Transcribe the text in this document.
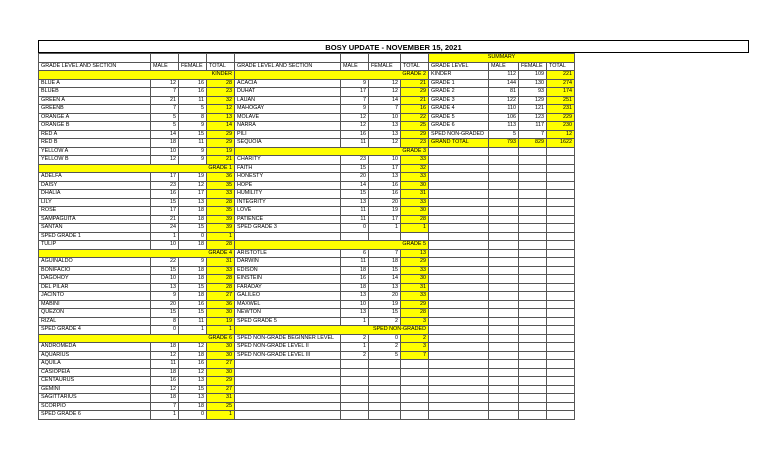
BOSY UPDATE - NOVEMBER 15, 2021
								SUMMARY			
GRADE LEVEL AND SECTION	MALE	FEMALE	TOTAL	GRADE LEVEL AND SECTION	MALE	FEMALE	TOTAL	GRADE LEVEL	MALE	FEMALE	TOTAL
KINDER				GRADE 2				KINDER	112	109	221
BLUE A	12	16	28	ACACIA	9	12	21	GRADE 1	144	130	274
BLUEB	7	16	23	DUHAT	17	12	29	GRADE 2	81	93	174
GREEN A	21	11	32	LAUAN	7	14	21	GRADE 3	122	129	251
GREENB	7	5	12	MAHOGAY	9	7	16	GRADE 4	110	121	231
ORANGE A	5	8	13	MOLAVE	12	10	22	GRADE 5	106	123	229
ORANGE B	5	9	14	NARRA	12	13	25	GRADE 6	113	117	230
RED A	14	15	29	PILI	16	13	29	SPED NON-GRADED	5	7	12
RED B	18	11	29	SEQUOIA	11	12	23	GRAND TOTAL	793	829	1622
YELLOW A	10	9	19	GRADE 3							
YELLOW B	12	9	21	CHARITY	23	10	33				
GRADE 1				FAITH	15	17	32				
ADELFA	17	19	36	HONESTY	20	13	33				
DAISY	23	12	35	HOPE	14	16	30				
DHALIA	16	17	33	HUMILITY	15	16	31				
LILY	15	13	28	INTEGRITY	13	20	33				
ROSE	17	18	35	LOVE	11	19	30				
SAMPAGUITA	21	18	39	PATIENCE	11	17	28				
SANTAN	24	15	39	SPED GRADE 3	0	1	1				
SPED GRADE 1	1	0	1								
TULIP	10	18	28	GRADE 5							
GRADE 4				ARISTOTLE	6	7	13				
AGUINALDO	22	9	31	DARWIN	11	18	29				
BONIFACIO	15	18	33	EDISON	18	15	33				
DAGOHOY	10	18	28	EINSTEIN	16	14	30				
DEL PILAR	13	15	28	FARADAY	18	13	31				
JACINTO	9	18	27	GALILEO	13	20	33				
MABINI	20	16	36	MAXWEL	10	19	29				
QUEZON	15	15	30	NEWTON	13	15	28				
RIZAL	8	11	19	SPED GRADE 5	1	2	3				
SPED GRADE 4	0	1	1	SPED NON-GRADED							
GRADE 6				SPED NON-GRADE BEGINNER LEVEL	2	0	2				
ANDROMEDA	18	12	30	SPED NON-GRADE LEVEL II	1	2	3				
AQUARIUS	12	18	30	SPED NON-GRADE LEVEL III	2	5	7				
AQUILA	11	16	27								
CASIOPEIA	18	12	30								
CENTAURUS	16	13	29								
GEMINI	12	15	27								
SAGITTARIUS	18	13	31								
SCORPIO	7	18	25								
SPED GRADE 6	1	0	1								
